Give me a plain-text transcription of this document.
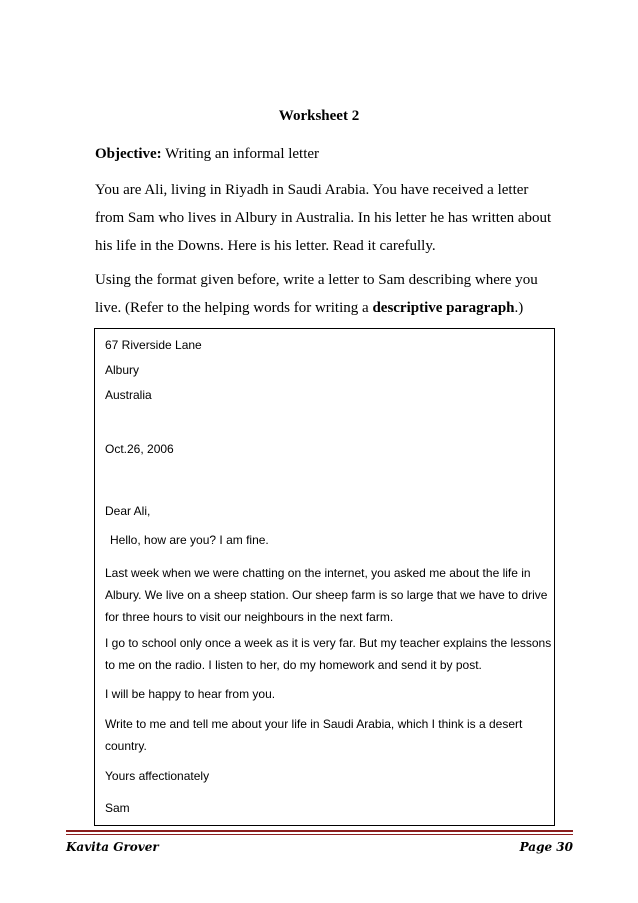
Worksheet 2
Objective: Writing an informal letter
You are Ali, living in Riyadh in Saudi Arabia. You have received a letter
from Sam who lives in Albury in Australia. In his letter he has written about
his life in the Downs. Here is his letter. Read it carefully.
Using the format given before, write a letter to Sam describing where you
live. (Refer to the helping words for writing a descriptive paragraph.)
67 Riverside Lane
Albury
Australia
Oct.26, 2006
Dear Ali,
Hello, how are you? I am fine.
Last week when we were chatting on the internet, you asked me about the life in
Albury. We live on a sheep station. Our sheep farm is so large that we have to drive
for three hours to visit our neighbours in the next farm.
I go to school only once a week as it is very far. But my teacher explains the lessons
to me on the radio. I listen to her, do my homework and send it by post.
I will be happy to hear from you.
Write to me and tell me about your life in Saudi Arabia, which I think is a desert
country.
Yours affectionately
Sam
Kavita Grover	Page 30
